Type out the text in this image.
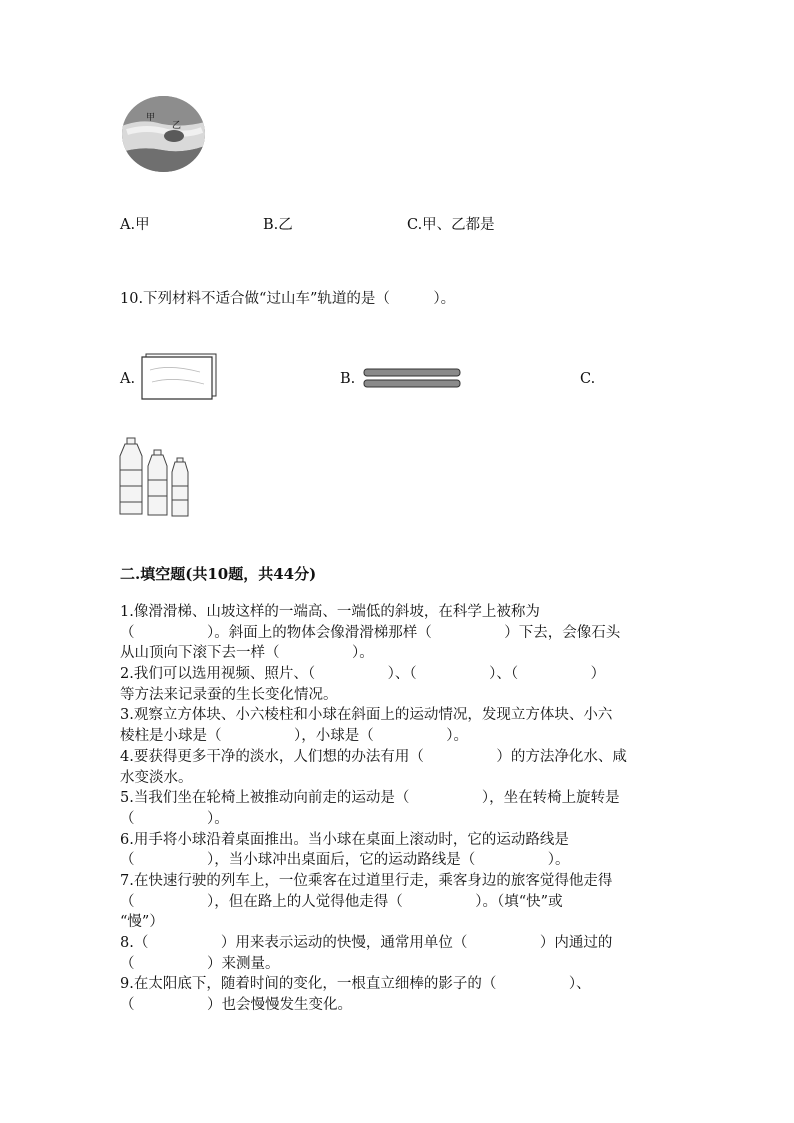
甲
乙
A.甲	B.乙	C.甲、乙都是
10.下列材料不适合做“过山车”轨道的是（　　　）。
A.	B.	C.
二.填空题(共10题，共44分)
1.像滑滑梯、山坡这样的一端高、一端低的斜坡，在科学上被称为
（　　　　　）。斜面上的物体会像滑滑梯那样（　　　　　）下去，会像石头
从山顶向下滚下去一样（　　　　　）。
2.我们可以选用视频、照片、（　　　　　）、（　　　　　）、（　　　　　）
等方法来记录蚕的生长变化情况。
3.观察立方体块、小六棱柱和小球在斜面上的运动情况，发现立方体块、小六
棱柱是小球是（　　　　　），小球是（　　　　　）。
4.要获得更多干净的淡水，人们想的办法有用（　　　　　）的方法净化水、咸
水变淡水。
5.当我们坐在轮椅上被推动向前走的运动是（　　　　　），坐在转椅上旋转是
（　　　　　）。
6.用手将小球沿着桌面推出。当小球在桌面上滚动时，它的运动路线是
（　　　　　），当小球冲出桌面后，它的运动路线是（　　　　　）。
7.在快速行驶的列车上，一位乘客在过道里行走，乘客身边的旅客觉得他走得
（　　　　　），但在路上的人觉得他走得（　　　　　）。（填“快”或
“慢”）
8.（　　　　　）用来表示运动的快慢，通常用单位（　　　　　）内通过的
（　　　　　）来测量。
9.在太阳底下，随着时间的变化，一根直立细棒的影子的（　　　　　）、
（　　　　　）也会慢慢发生变化。
